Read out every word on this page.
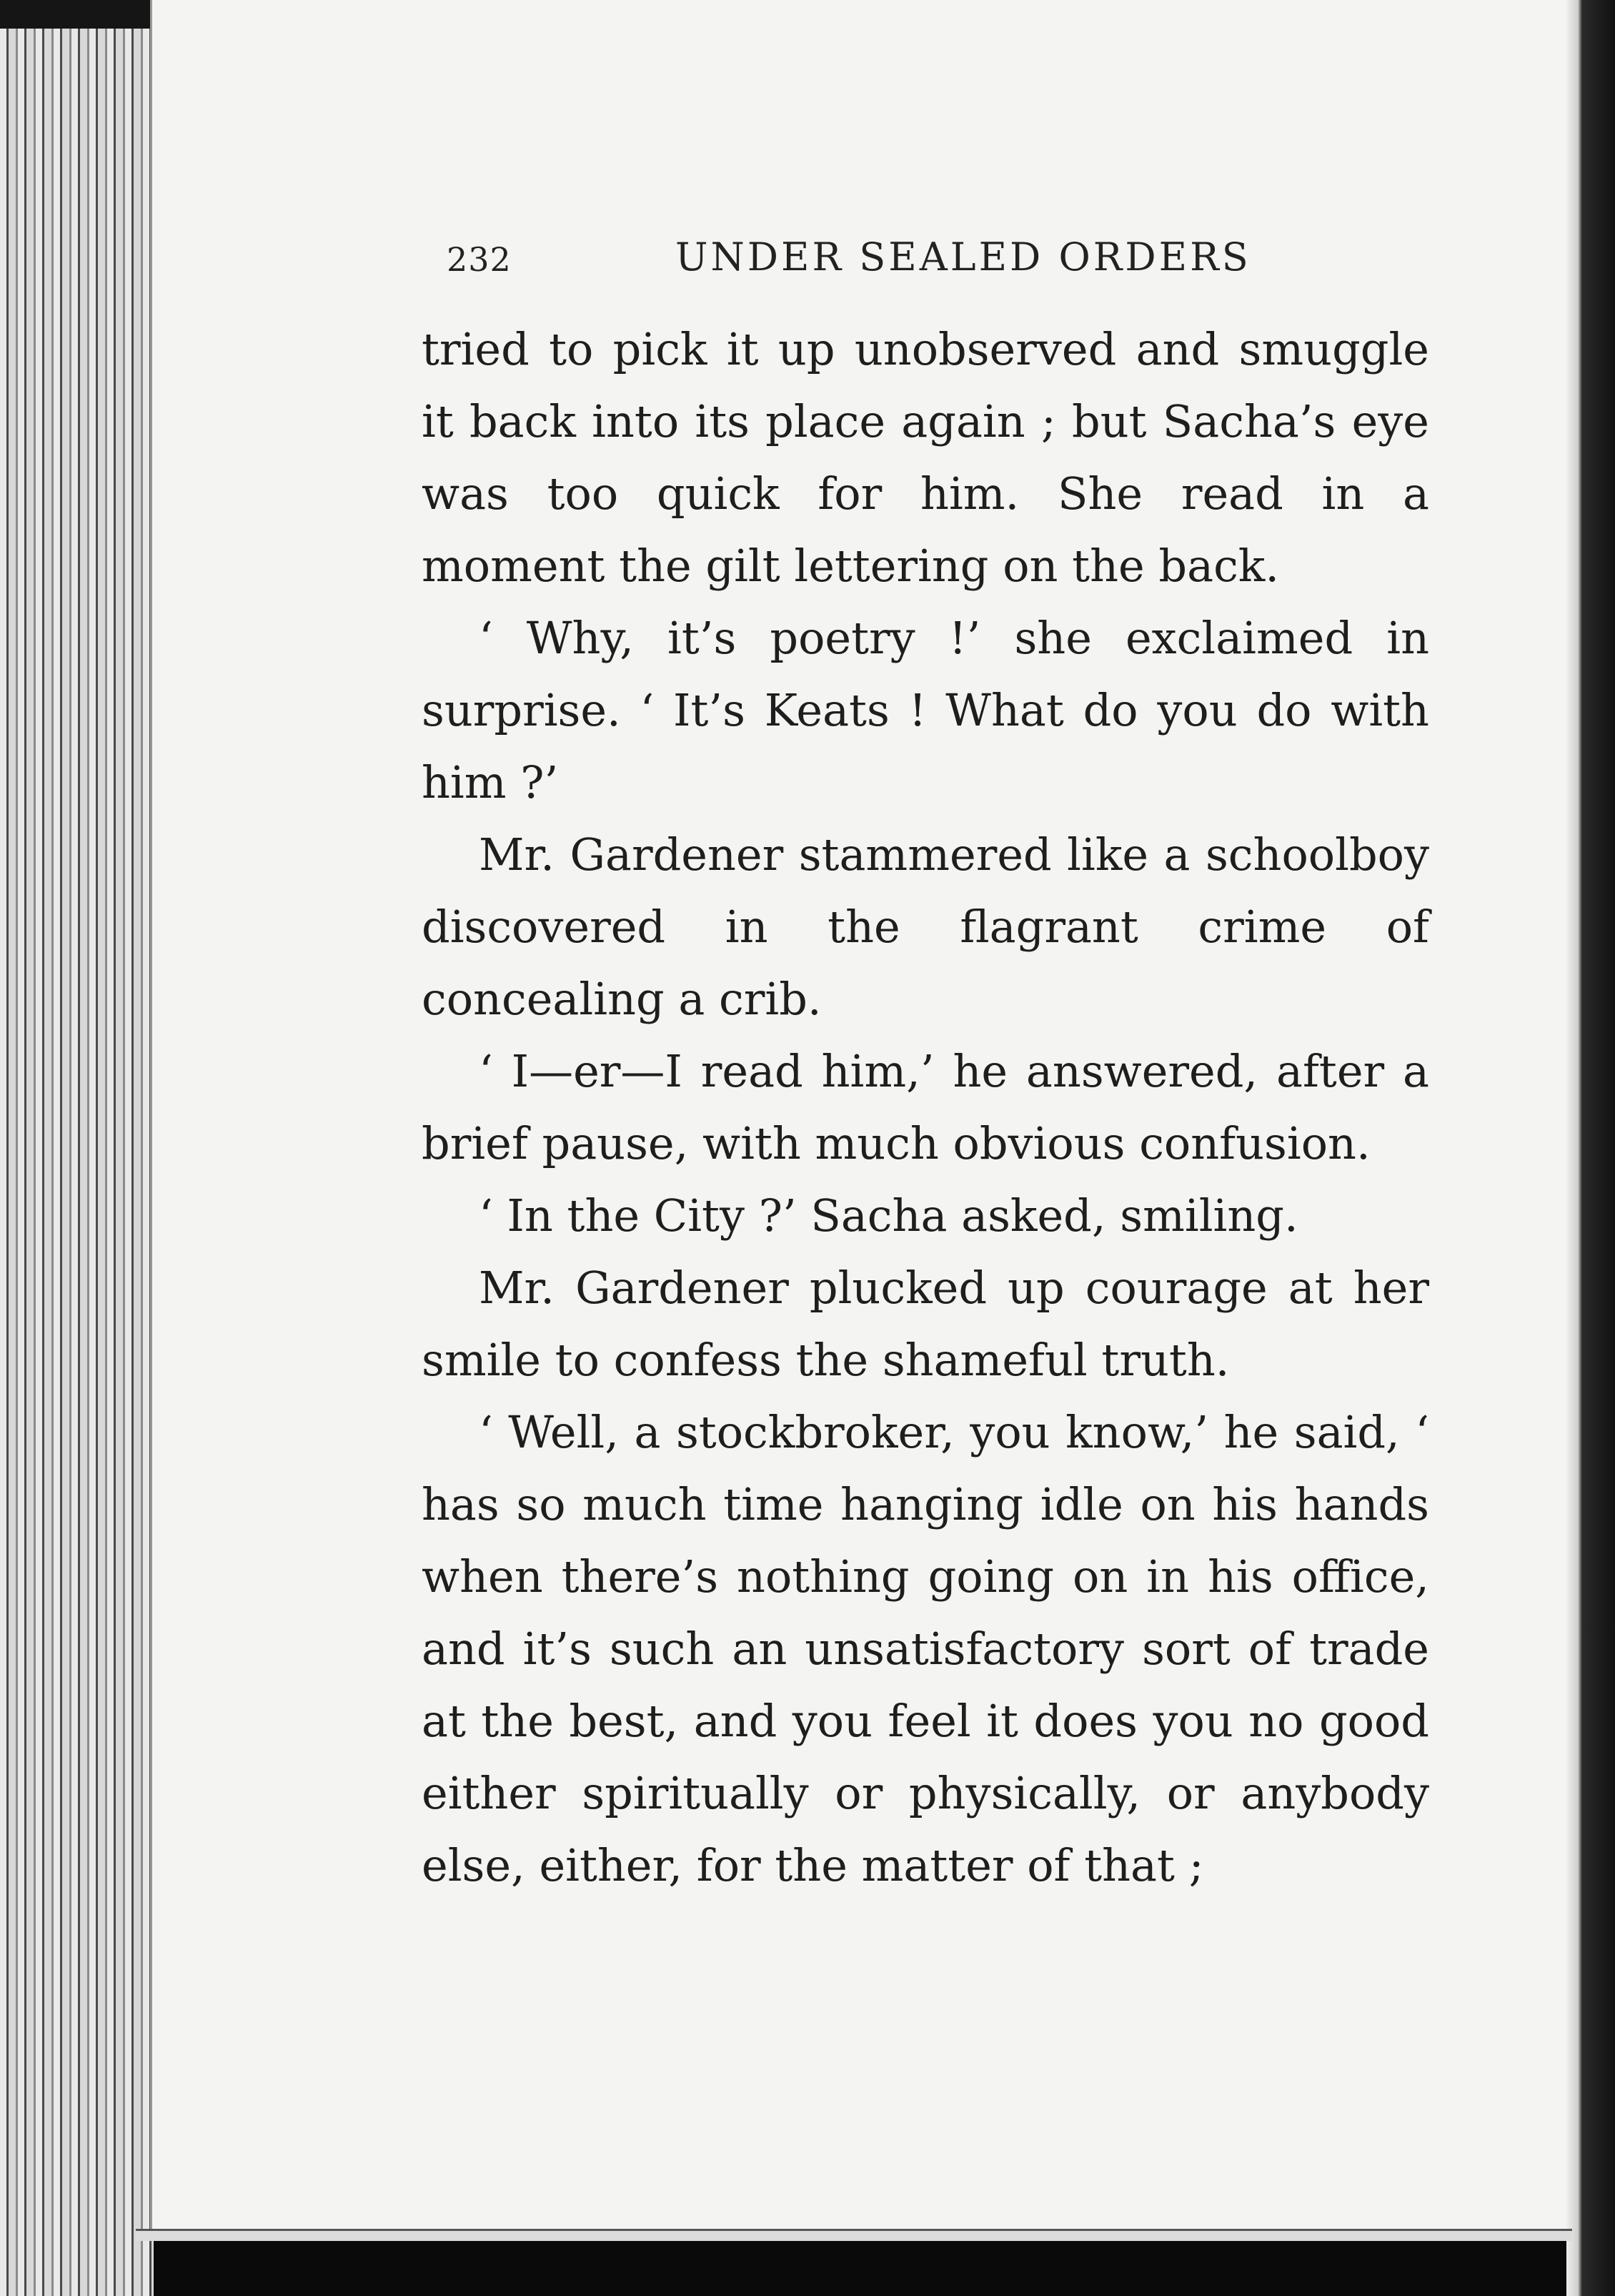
232	UNDER SEALED ORDERS

tried to pick it up unobserved and smuggle it back into its place again ; but Sacha’s eye was too quick for him. She read in a moment the gilt lettering on the back.

‘ Why, it’s poetry !’ she exclaimed in surprise. ‘ It’s Keats ! What do you do with him ?’

Mr. Gardener stammered like a schoolboy discovered in the flagrant crime of concealing a crib.

‘ I—er—I read him,’ he answered, after a brief pause, with much obvious confusion.

‘ In the City ?’ Sacha asked, smiling.

Mr. Gardener plucked up courage at her smile to confess the shameful truth.

‘ Well, a stockbroker, you know,’ he said, ‘ has so much time hanging idle on his hands when there’s nothing going on in his office, and it’s such an unsatisfactory sort of trade at the best, and you feel it does you no good either spiritually or physically, or anybody else, either, for the matter of that ;
